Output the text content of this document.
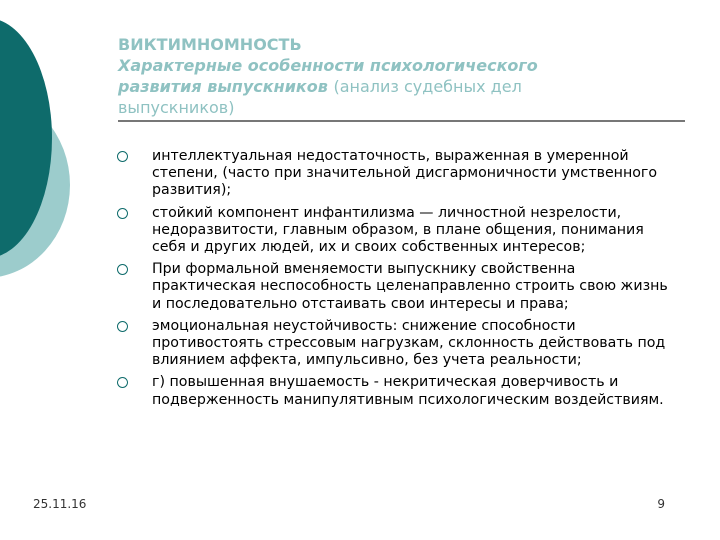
ВИКТИМНОМНОСТЬ
Характерные особенности психологического развития выпускников (анализ судебных дел выпускников)
интеллектуальная недостаточность, выраженная в умеренной степени, (часто при значительной дисгармоничности умственного развития);
стойкий компонент инфантилизма — личностной незрелости, недоразвитости, главным образом, в плане общения, понимания себя и других людей, их и своих собственных интересов;
При формальной вменяемости выпускнику свойственна практическая неспособность целенаправленно строить свою жизнь и последовательно отстаивать свои интересы и права;
эмоциональная неустойчивость: снижение способности противостоять стрессовым нагрузкам, склонность действовать под влиянием аффекта, импульсивно, без учета реальности;
г) повышенная внушаемость - некритическая доверчивость и подверженность манипулятивным психологическим воздействиям.
25.11.16	9
